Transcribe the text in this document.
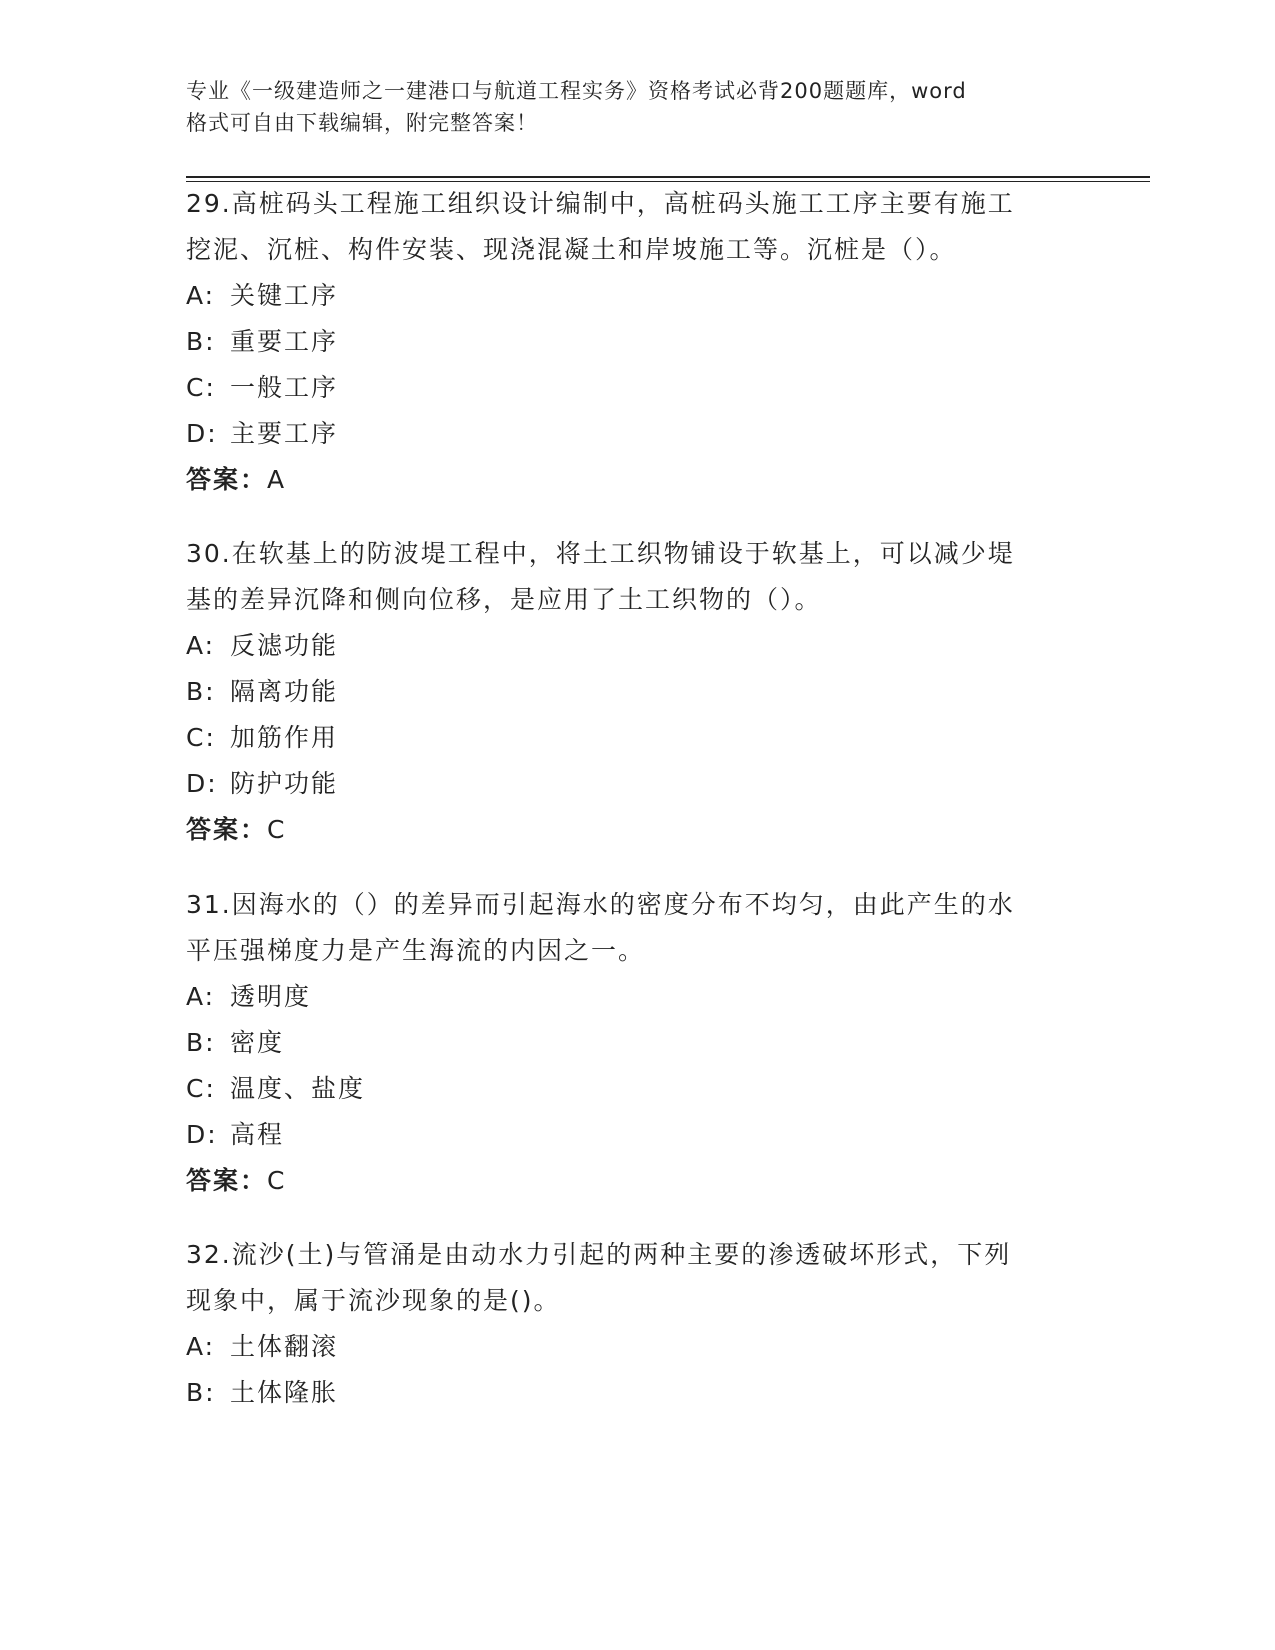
专业《一级建造师之一建港口与航道工程实务》资格考试必背200题题库，word
格式可自由下载编辑，附完整答案！

29.高桩码头工程施工组织设计编制中，高桩码头施工工序主要有施工

挖泥、沉桩、构件安装、现浇混凝土和岸坡施工等。沉桩是（）。

A: 关键工序

B: 重要工序

C: 一般工序

D: 主要工序

答案：A

30.在软基上的防波堤工程中，将土工织物铺设于软基上，可以减少堤

基的差异沉降和侧向位移，是应用了土工织物的（）。

A: 反滤功能

B: 隔离功能

C: 加筋作用

D: 防护功能

答案：C

31.因海水的（）的差异而引起海水的密度分布不均匀，由此产生的水

平压强梯度力是产生海流的内因之一。

A: 透明度

B: 密度

C: 温度、盐度

D: 高程

答案：C

32.流沙(土)与管涌是由动水力引起的两种主要的渗透破坏形式，下列

现象中，属于流沙现象的是()。

A: 土体翻滚

B: 土体隆胀
